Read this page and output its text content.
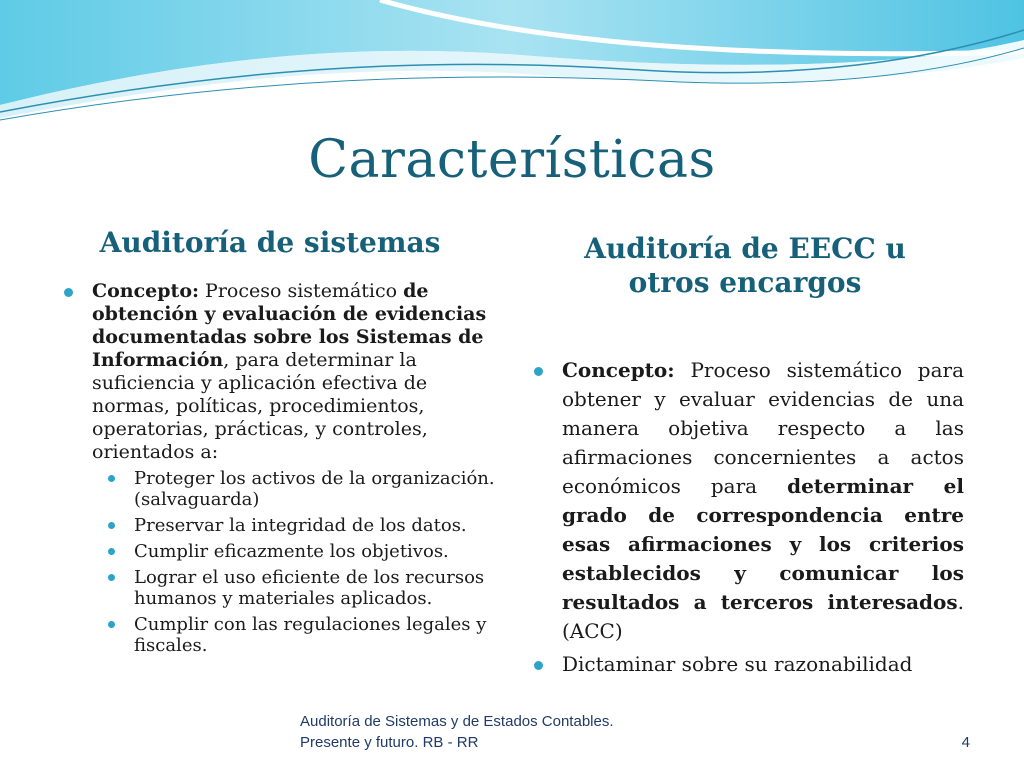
Características
Auditoría de sistemas	Auditoría de EECC u otros encargos
Concepto: Proceso sistemático de obtención y evaluación de evidencias documentadas sobre los Sistemas de Información, para determinar la suficiencia y aplicación efectiva de normas, políticas, procedimientos, operatorias, prácticas, y controles, orientados a:
Proteger los activos de la organización. (salvaguarda)
Preservar la integridad de los datos.
Cumplir eficazmente los objetivos.
Lograr el uso eficiente de los recursos humanos y materiales aplicados.
Cumplir con las regulaciones legales y fiscales.
Concepto: Proceso sistemático para obtener y evaluar evidencias de una manera objetiva respecto a las afirmaciones concernientes a actos económicos para determinar el grado de correspondencia entre esas afirmaciones y los criterios establecidos y comunicar los resultados a terceros interesados. (ACC)
Dictaminar sobre su razonabilidad
Auditoría de Sistemas y de Estados Contables.
Presente y futuro. RB - RR	4
